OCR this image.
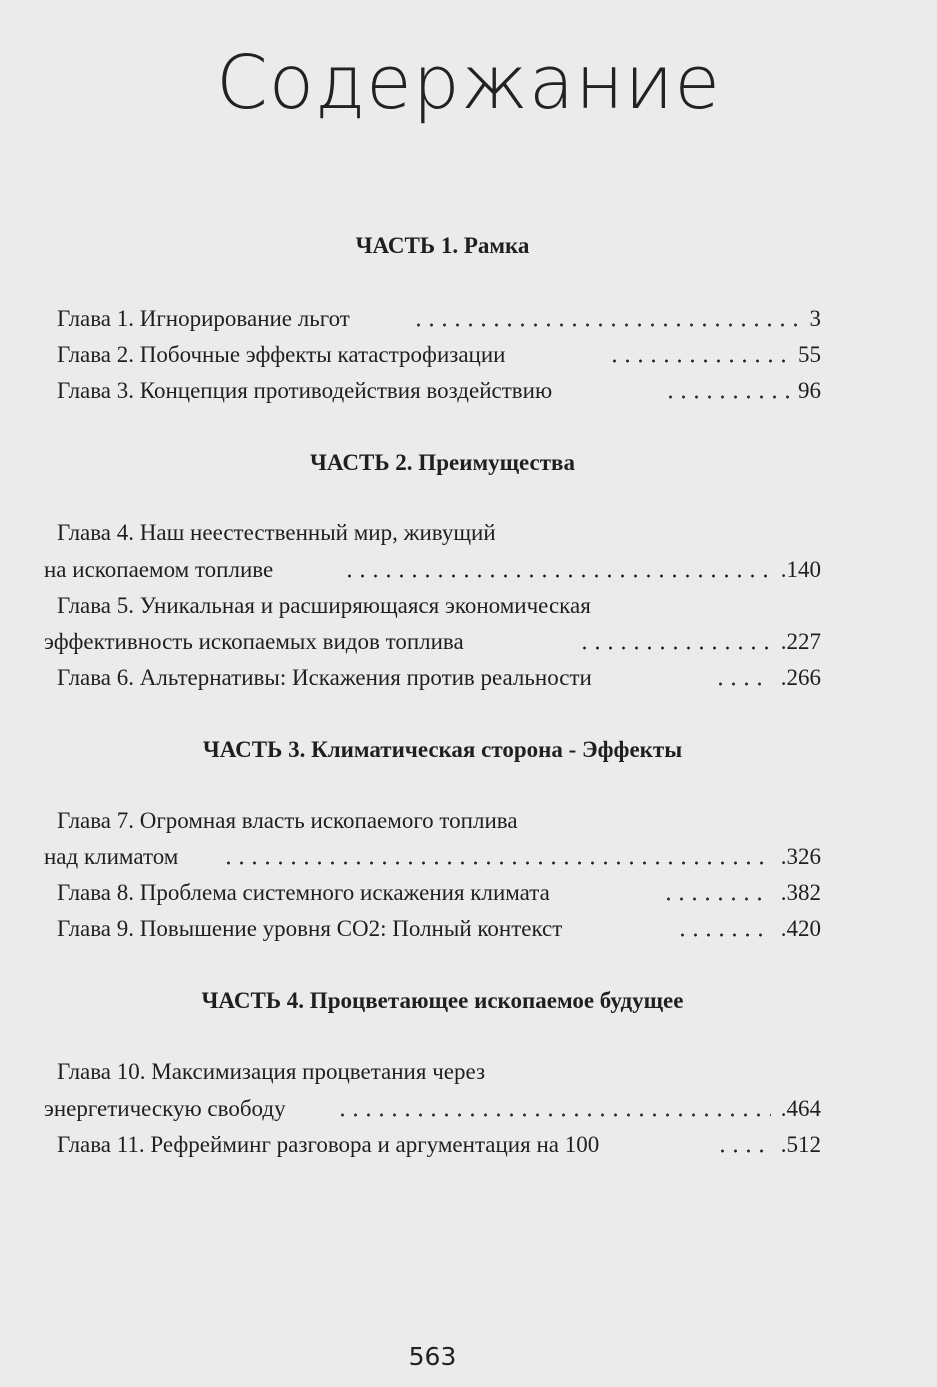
Содержание
ЧАСТЬ 1. Рамка
Глава 1. Игнорирование льгот	3
Глава 2. Побочные эффекты катастрофизации	55
Глава 3. Концепция противодействия воздействию	96
ЧАСТЬ 2. Преимущества
Глава 4. Наш неестественный мир, живущий
на ископаемом топливе	.140
Глава 5. Уникальная и расширяющаяся экономическая
эффективность ископаемых видов топлива	.227
Глава 6. Альтернативы: Искажения против реальности	.266
ЧАСТЬ 3. Климатическая сторона - Эффекты
Глава 7. Огромная власть ископаемого топлива
над климатом	.326
Глава 8. Проблема системного искажения климата	.382
Глава 9. Повышение уровня СО2: Полный контекст	.420
ЧАСТЬ 4. Процветающее ископаемое будущее
Глава 10. Максимизация процветания через
энергетическую свободу	.464
Глава 11. Рефрейминг разговора и аргументация на 100	.512
563
